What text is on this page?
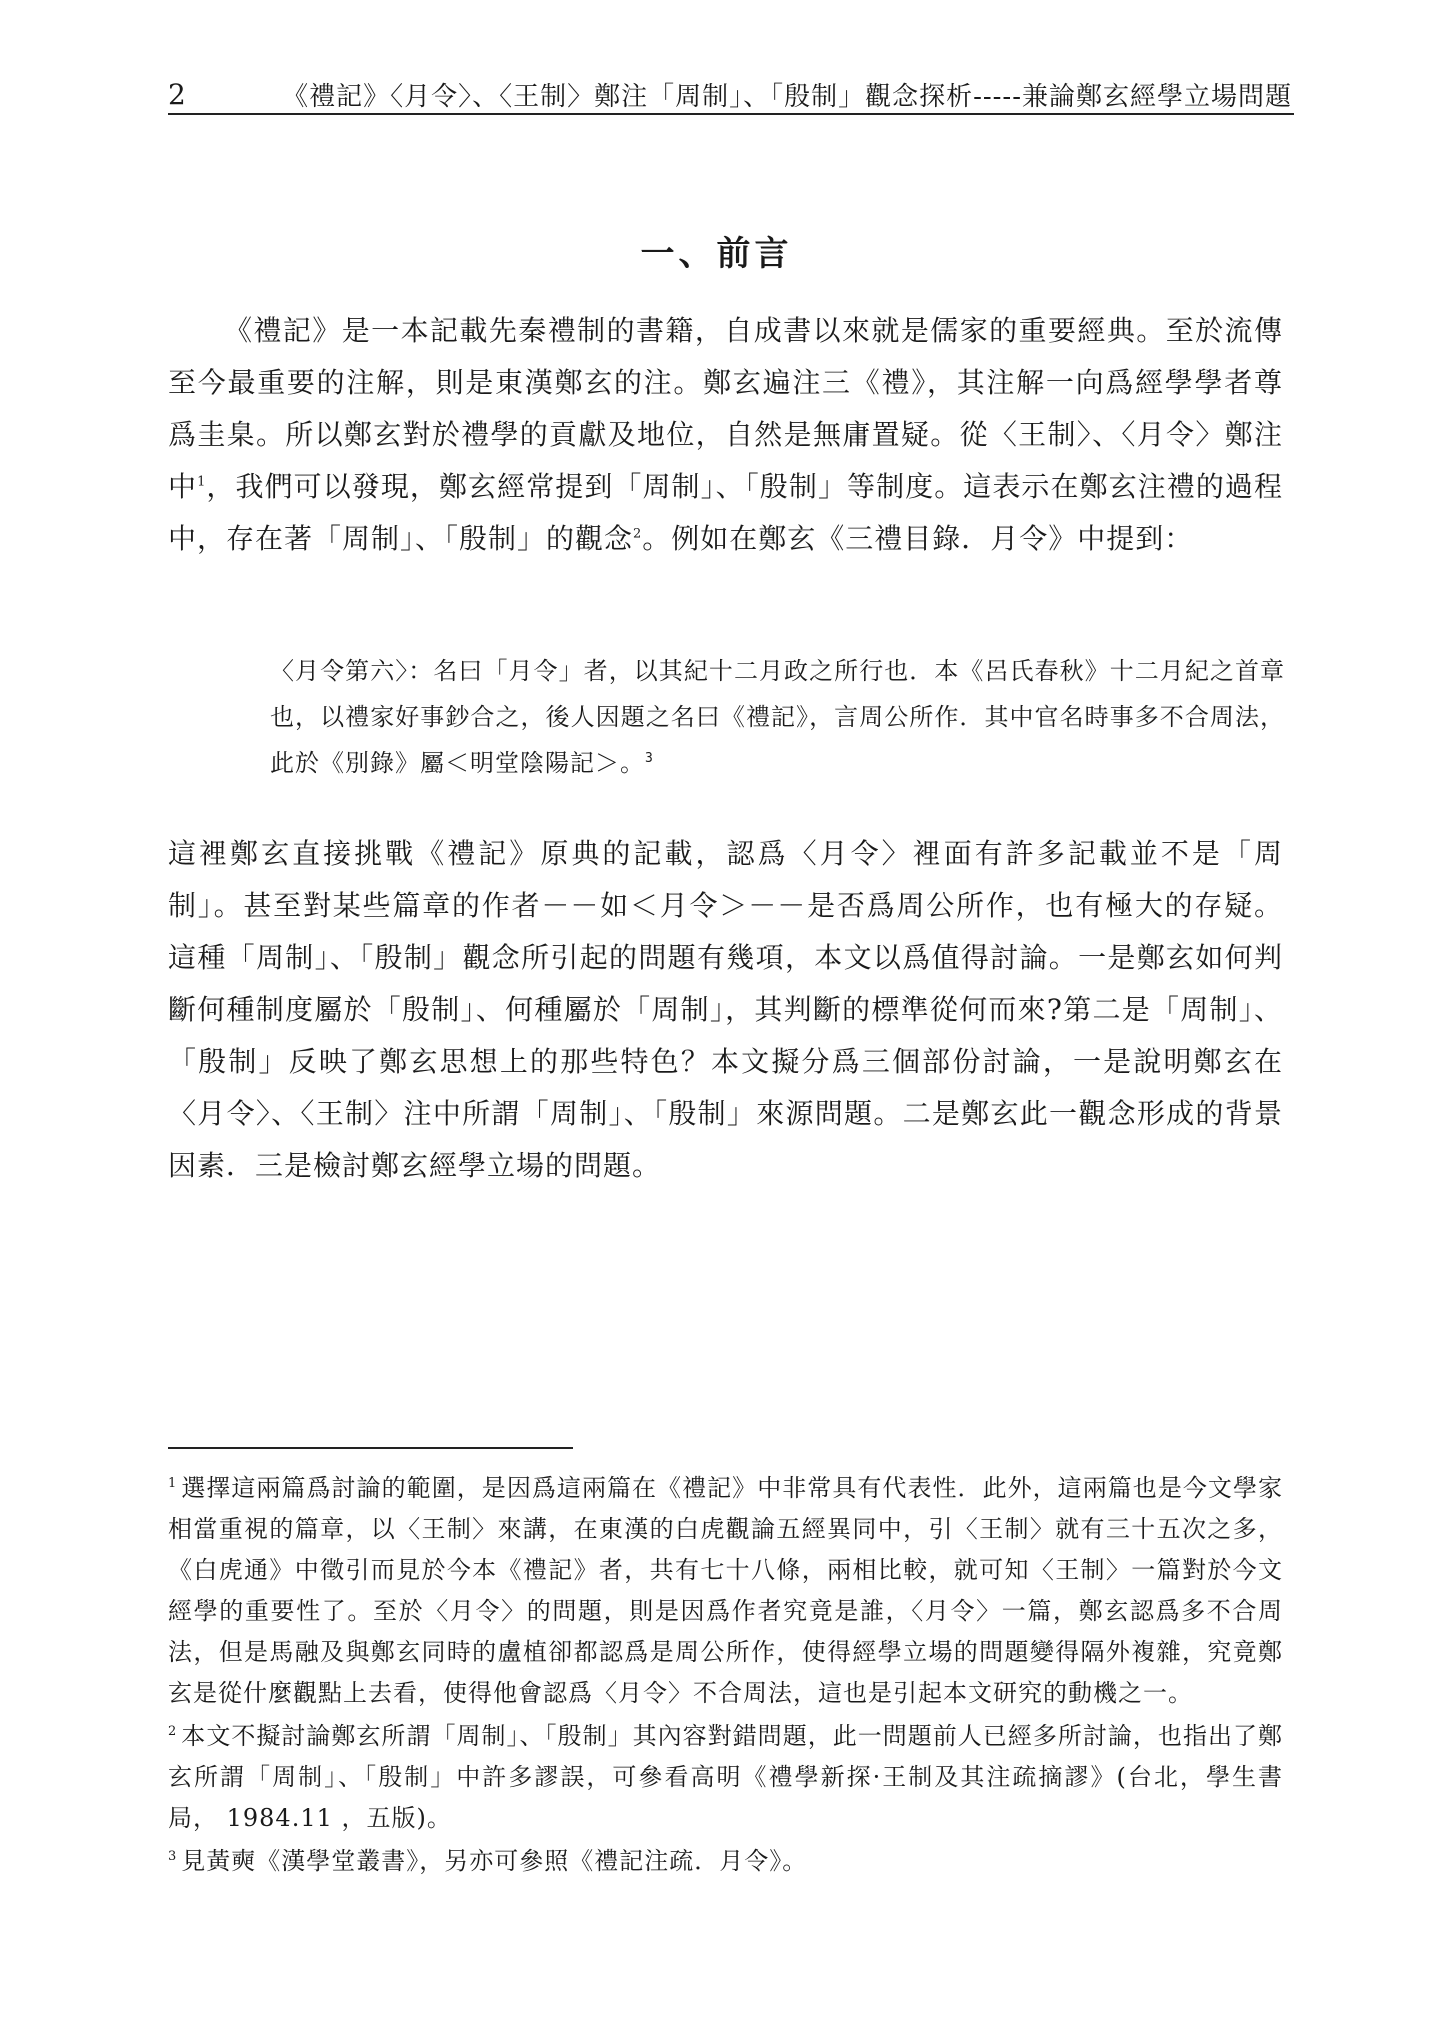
2	《禮記》〈月令〉、〈王制〉鄭注「周制」、「殷制」觀念探析-----兼論鄭玄經學立場問題
一、前言

《禮記》是一本記載先秦禮制的書籍，自成書以來就是儒家的重要經典。至於流傳至今最重要的注解，則是東漢鄭玄的注。鄭玄遍注三《禮》，其注解一向爲經學學者尊爲圭臬。所以鄭玄對於禮學的貢獻及地位，自然是無庸置疑。從〈王制〉、〈月令〉鄭注中$^1$，我們可以發現，鄭玄經常提到「周制」、「殷制」等制度。這表示在鄭玄注禮的過程中，存在著「周制」、「殷制」的觀念$^2$。例如在鄭玄《三禮目錄．月令》中提到：

〈月令第六〉：名曰「月令」者，以其紀十二月政之所行也．本《呂氏春秋》十二月紀之首章也，以禮家好事鈔合之，後人因題之名曰《禮記》，言周公所作．其中官名時事多不合周法，此於《別錄》屬＜明堂陰陽記＞。$^3$

這裡鄭玄直接挑戰《禮記》原典的記載，認爲〈月令〉裡面有許多記載並不是「周制」。甚至對某些篇章的作者－－如＜月令＞－－是否爲周公所作，也有極大的存疑。這種「周制」、「殷制」觀念所引起的問題有幾項，本文以爲值得討論。一是鄭玄如何判斷何種制度屬於「殷制」、何種屬於「周制」，其判斷的標準從何而來?第二是「周制」、「殷制」反映了鄭玄思想上的那些特色？本文擬分爲三個部份討論，一是說明鄭玄在〈月令〉、〈王制〉注中所謂「周制」、「殷制」來源問題。二是鄭玄此一觀念形成的背景因素．三是檢討鄭玄經學立場的問題。

$^1$ 選擇這兩篇爲討論的範圍，是因爲這兩篇在《禮記》中非常具有代表性．此外，這兩篇也是今文學家相當重視的篇章，以〈王制〉來講，在東漢的白虎觀論五經異同中，引〈王制〉就有三十五次之多，《白虎通》中徵引而見於今本《禮記》者，共有七十八條，兩相比較，就可知〈王制〉一篇對於今文經學的重要性了。至於〈月令〉的問題，則是因爲作者究竟是誰，〈月令〉一篇，鄭玄認爲多不合周法，但是馬融及與鄭玄同時的盧植卻都認爲是周公所作，使得經學立場的問題變得隔外複雜，究竟鄭玄是從什麼觀點上去看，使得他會認爲〈月令〉不合周法，這也是引起本文研究的動機之一。

$^2$ 本文不擬討論鄭玄所謂「周制」、「殷制」其內容對錯問題，此一問題前人已經多所討論，也指出了鄭玄所謂「周制」、「殷制」中許多謬誤，可參看高明《禮學新探·王制及其注疏摘謬》(台北，學生書局， 1984.11 ，五版)。

$^3$ 見黃奭《漢學堂叢書》，另亦可參照《禮記注疏．月令》。
